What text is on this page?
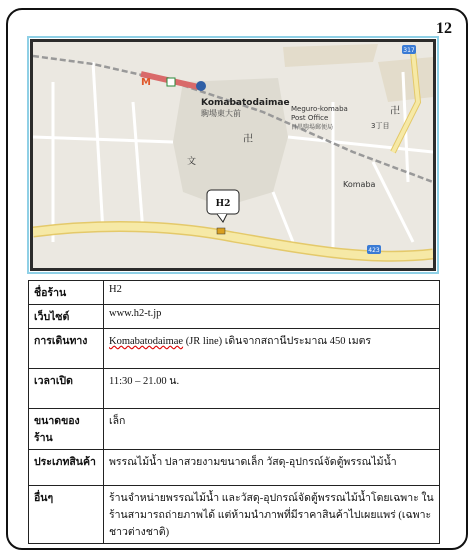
12
423
317
M
Komabatodaimae
駒場東大前	Meguro-komaba
Post Office
目黒駒場郵便局
卍
卍
3丁目
文
Komaba
H2
ชื่อร้าน	H2
เว็บไซต์	www.h2-t.jp
การเดินทาง	Komabatodaimae (JR line) เดินจากสถานีประมาณ 450 เมตร
เวลาเปิด	11:30 – 21.00 น.
ขนาดของร้าน	เล็ก
ประเภทสินค้า	พรรณไม้น้ำ ปลาสวยงามขนาดเล็ก วัสดุ-อุปกรณ์จัดตู้พรรณไม้น้ำ
อื่นๆ	ร้านจำหน่ายพรรณไม้น้ำ และวัสดุ-อุปกรณ์จัดตู้พรรณไม้น้ำโดยเฉพาะ ในร้านสามารถถ่ายภาพได้ แต่ห้ามนำภาพที่มีราคาสินค้าไปเผยแพร่ (เฉพาะชาวต่างชาติ)
